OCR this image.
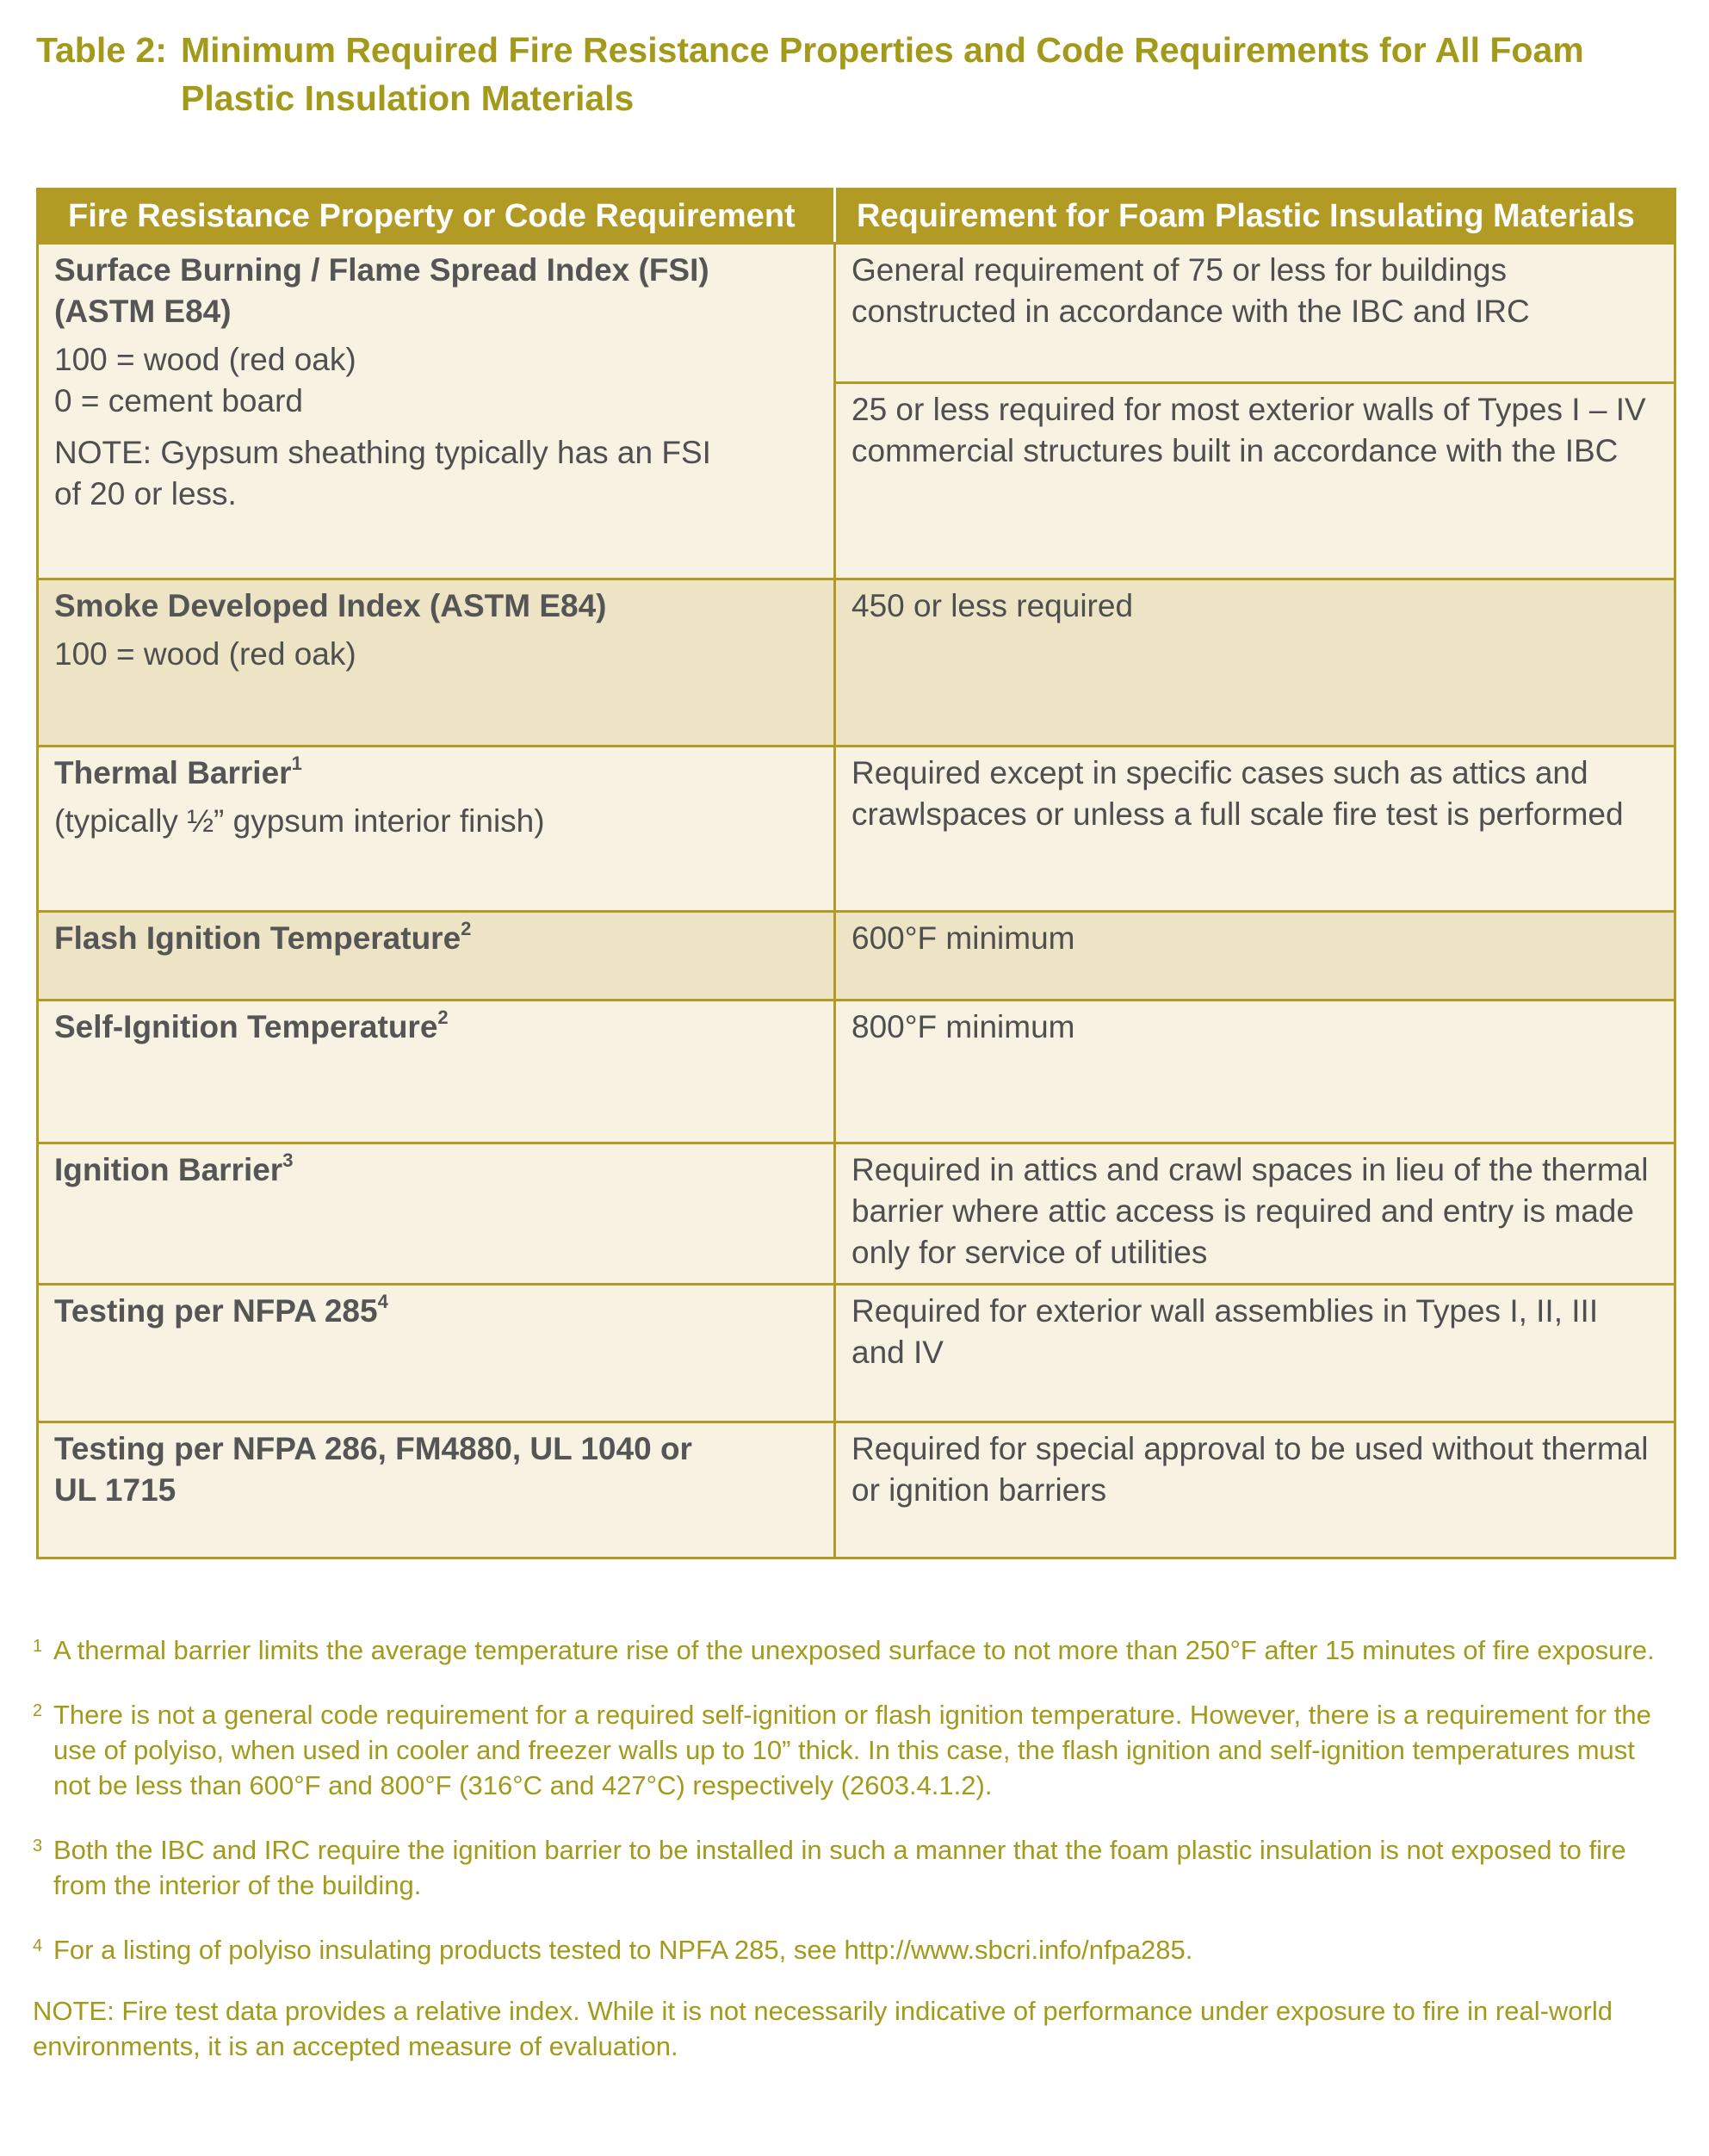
Table 2: Minimum Required Fire Resistance Properties and Code Requirements for All Foam Plastic Insulation Materials
Fire Resistance Property or Code Requirement	Requirement for Foam Plastic Insulating Materials

Surface Burning / Flame Spread Index (FSI) (ASTM E84)
100 = wood (red oak)
0 = cement board
NOTE: Gypsum sheathing typically has an FSI of 20 or less.	General requirement of 75 or less for buildings constructed in accordance with the IBC and IRC
	25 or less required for most exterior walls of Types I – IV commercial structures built in accordance with the IBC

Smoke Developed Index (ASTM E84)
100 = wood (red oak)	450 or less required

Thermal Barrier$^1$
(typically ½” gypsum interior finish)	Required except in specific cases such as attics and crawlspaces or unless a full scale fire test is performed

Flash Ignition Temperature$^2$	600°F minimum

Self-Ignition Temperature$^2$	800°F minimum

Ignition Barrier$^3$	Required in attics and crawl spaces in lieu of the thermal barrier where attic access is required and entry is made only for service of utilities

Testing per NFPA $285^4$	Required for exterior wall assemblies in Types I, II, III and IV

Testing per NFPA 286, FM4880, UL 1040 or UL 1715	Required for special approval to be used without thermal or ignition barriers
1 A thermal barrier limits the average temperature rise of the unexposed surface to not more than 250°F after 15 minutes of fire exposure.
2 There is not a general code requirement for a required self-ignition or flash ignition temperature. However, there is a requirement for the use of polyiso, when used in cooler and freezer walls up to 10” thick. In this case, the flash ignition and self-ignition temperatures must not be less than 600°F and 800°F (316°C and 427°C) respectively (2603.4.1.2).
3 Both the IBC and IRC require the ignition barrier to be installed in such a manner that the foam plastic insulation is not exposed to fire from the interior of the building.
4 For a listing of polyiso insulating products tested to NPFA 285, see http://www.sbcri.info/nfpa285.
NOTE: Fire test data provides a relative index. While it is not necessarily indicative of performance under exposure to fire in real-world environments, it is an accepted measure of evaluation.
